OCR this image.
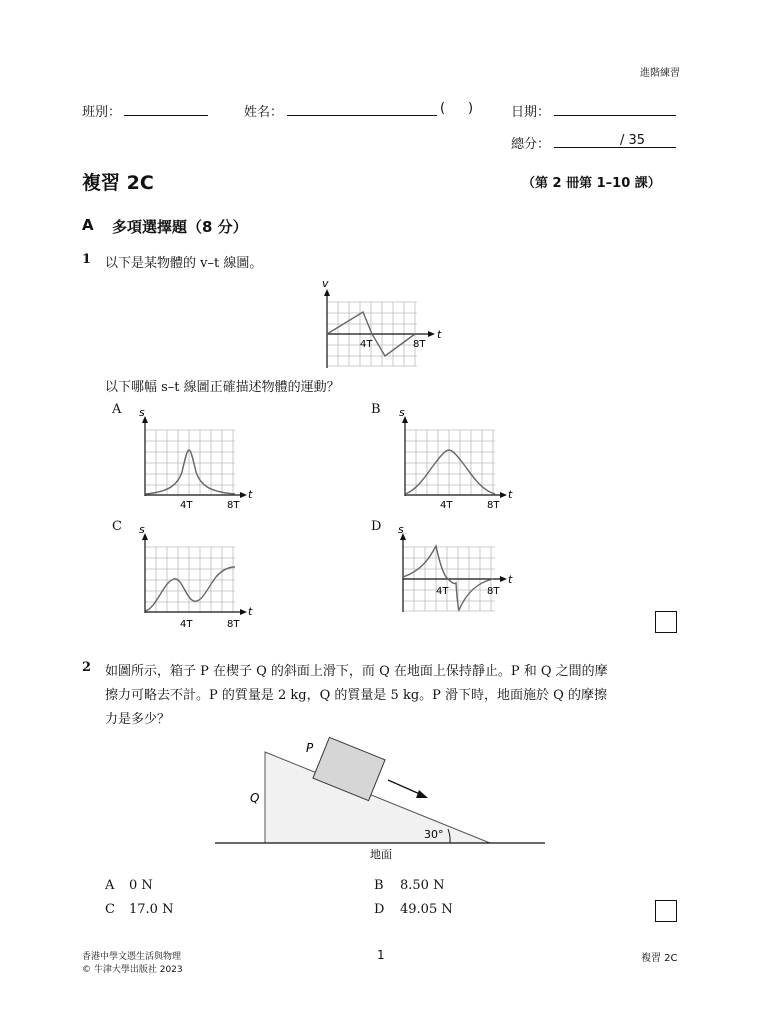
進階練習
班別：	姓名：	( )	日期：
總分：	/ 35
複習 2C	（第 2 冊第 1–10 課）
A 多項選擇題（8 分）
1 以下是某物體的 v–t 線圖。
v
t
4T	8T
以下哪幅 s–t 線圖正確描述物體的運動？
A s
t
4T	8T
B s
t
4T	8T
C s
t
4T	8T
D s
t
4T	8T
2 如圖所示，箱子 P 在楔子 Q 的斜面上滑下，而 Q 在地面上保持靜止。P 和 Q 之間的摩
擦力可略去不計。P 的質量是 2 kg，Q 的質量是 5 kg。P 滑下時，地面施於 Q 的摩擦
力是多少？
P
Q
30°
地面
A 0 N	B 8.50 N
C 17.0 N	D 49.05 N
香港中學文憑生活與物理
© 牛津大學出版社 2023
1	複習 2C
